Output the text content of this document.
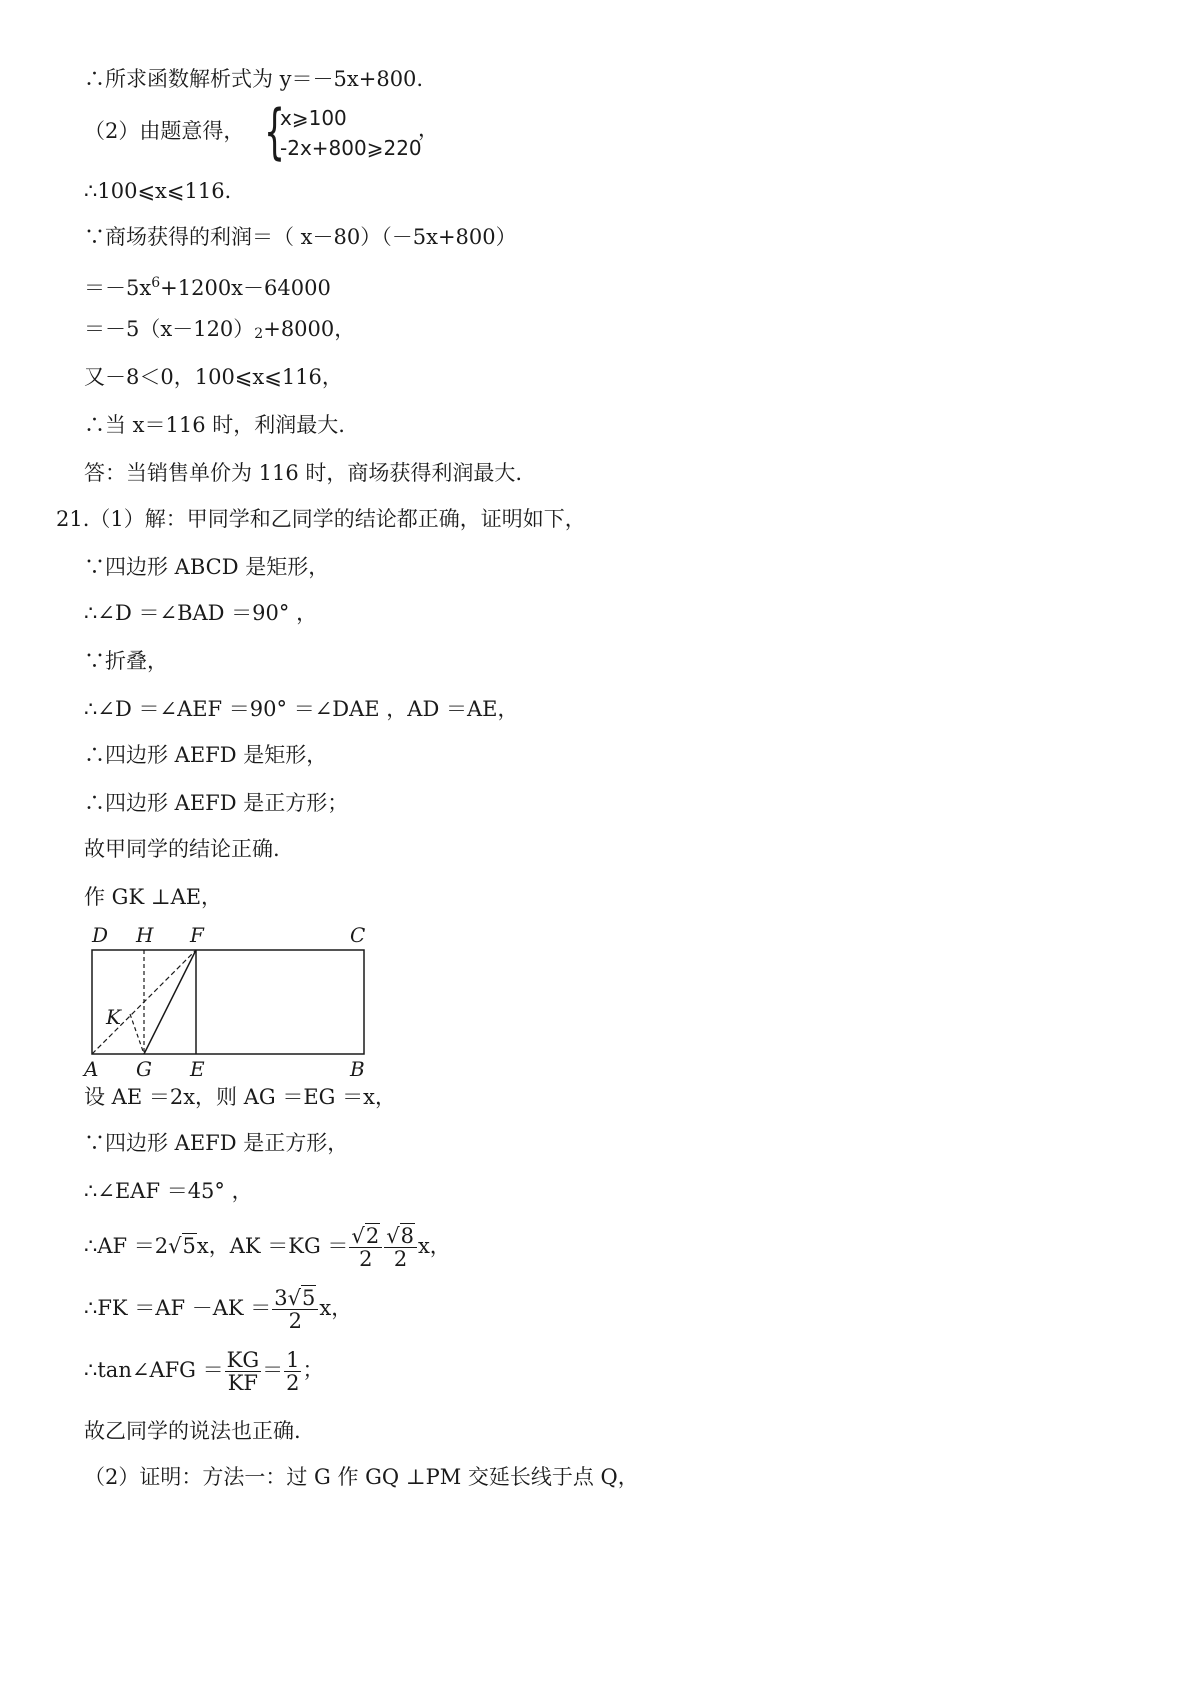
∴所求函数解析式为 y＝－5x+800.
（2）由题意得， {
x⩾100
-2x+800⩾220
，
∴100⩽x⩽116.
∵商场获得的利润＝（ x－80）（－5x+800）
$=-5x^6+1200x-64000$
＝－5（x－120）2+8000，
又－8＜0，100⩽x⩽116，
∴当 x＝116 时，利润最大.
答：当销售单价为 116 时，商场获得利润最大.
21.（1）解：甲同学和乙同学的结论都正确，证明如下，
∵四边形 ABCD 是矩形，
∴∠D ＝∠BAD ＝90° ，
∵折叠，
∴∠D ＝∠AEF ＝90° ＝∠DAE ，AD ＝AE，
∴四边形 AEFD 是矩形，
∴四边形 AEFD 是正方形；
故甲同学的结论正确.
作 GK ⊥AE，
D H F	C
K
A G E	B
设 AE ＝2x，则 AG ＝EG ＝x，
∵四边形 AEFD 是正方形，
∴∠EAF ＝45° ，
∴AF ＝2√5x，AK $=KG = \frac{√2}{2} \frac{√8}{2}$ x，
∴FK $=AF -AK = \frac{3√5}{2}$ x，
∴tan∠AFG ＝ $\frac{KG}{KF} = \frac{1}{2}$ ；
故乙同学的说法也正确.
（2）证明：方法一：过 G 作 GQ ⊥PM 交延长线于点 Q，
